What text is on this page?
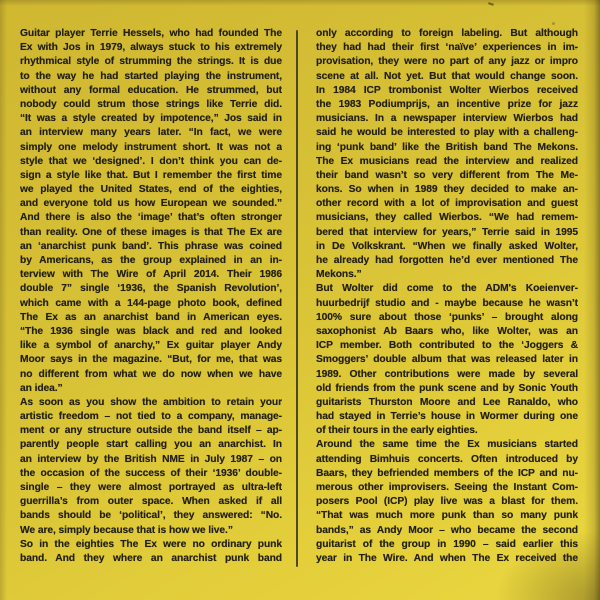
Guitar player Terrie Hessels, who had founded The
Ex with Jos in 1979, always stuck to his extremely
rhythmical style of strumming the strings. It is due
to the way he had started playing the instrument,
without any formal education. He strummed, but
nobody could strum those strings like Terrie did.
“It was a style created by impotence,” Jos said in
an interview many years later. “In fact, we were
simply one melody instrument short. It was not a
style that we ‘designed’. I don’t think you can de-
sign a style like that. But I remember the first time
we played the United States, end of the eighties,
and everyone told us how European we sounded.”
And there is also the ‘image’ that’s often stronger
than reality. One of these images is that The Ex are
an ‘anarchist punk band’. This phrase was coined
by Americans, as the group explained in an in-
terview with The Wire of April 2014. Their 1986
double 7” single ‘1936, the Spanish Revolution’,
which came with a 144-page photo book, defined
The Ex as an anarchist band in American eyes.
“The 1936 single was black and red and looked
like a symbol of anarchy,” Ex guitar player Andy
Moor says in the magazine. “But, for me, that was
no different from what we do now when we have
an idea.”
As soon as you show the ambition to retain your
artistic freedom – not tied to a company, manage-
ment or any structure outside the band itself – ap-
parently people start calling you an anarchist. In
an interview by the British NME in July 1987 – on
the occasion of the success of their ‘1936’ double-
single – they were almost portrayed as ultra-left
guerrilla’s from outer space. When asked if all
bands should be ‘political’, they answered: “No.
We are, simply because that is how we live.”
So in the eighties The Ex were no ordinary punk
band. And they where an anarchist punk band
only according to foreign labeling. But although
they had had their first ‘naïve’ experiences in im-
provisation, they were no part of any jazz or impro
scene at all. Not yet. But that would change soon.
In 1984 ICP trombonist Wolter Wierbos received
the 1983 Podiumprijs, an incentive prize for jazz
musicians. In a newspaper interview Wierbos had
said he would be interested to play with a challeng-
ing ‘punk band’ like the British band The Mekons.
The Ex musicians read the interview and realized
their band wasn’t so very different from The Me-
kons. So when in 1989 they decided to make an-
other record with a lot of improvisation and guest
musicians, they called Wierbos. “We had remem-
bered that interview for years,” Terrie said in 1995
in De Volkskrant. “When we finally asked Wolter,
he already had forgotten he’d ever mentioned The
Mekons.”
But Wolter did come to the ADM's Koeienver-
huurbedrijf studio and - maybe because he wasn’t
100% sure about those ‘punks’ – brought along
saxophonist Ab Baars who, like Wolter, was an
ICP member. Both contributed to the ‘Joggers &
Smoggers’ double album that was released later in
1989. Other contributions were made by several
old friends from the punk scene and by Sonic Youth
guitarists Thurston Moore and Lee Ranaldo, who
had stayed in Terrie’s house in Wormer during one
of their tours in the early eighties.
Around the same time the Ex musicians started
attending Bimhuis concerts. Often introduced by
Baars, they befriended members of the ICP and nu-
merous other improvisers. Seeing the Instant Com-
posers Pool (ICP) play live was a blast for them.
“That was much more punk than so many punk
bands,” as Andy Moor – who became the second
guitarist of the group in 1990 – said earlier this
year in The Wire. And when The Ex received the
